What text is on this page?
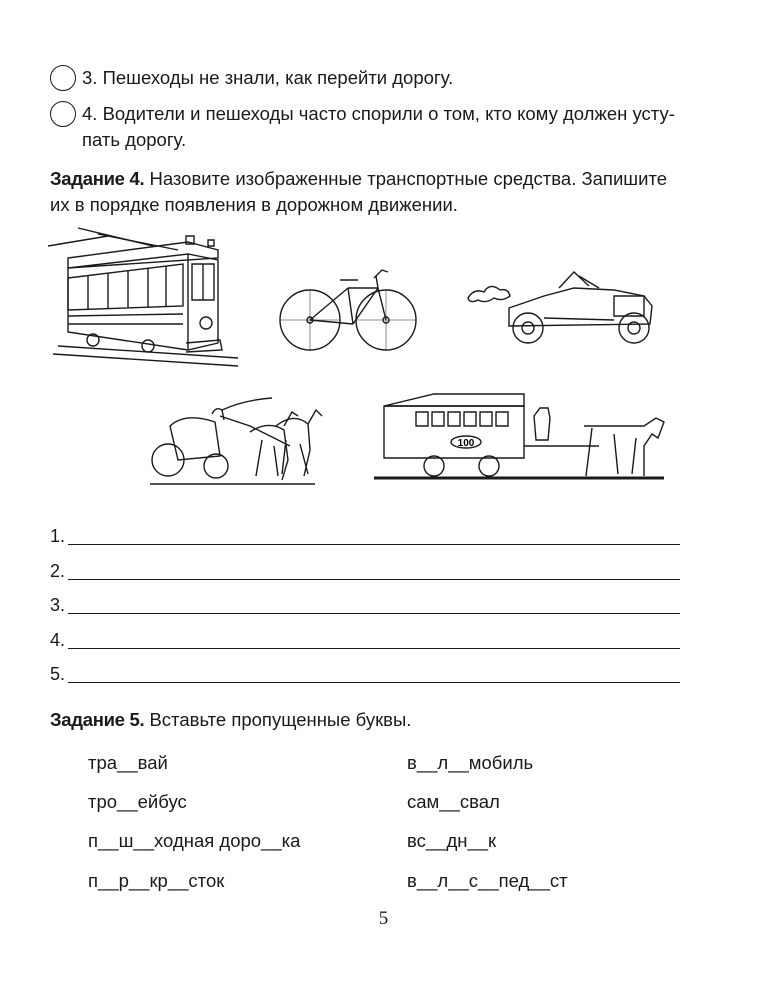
3. Пешеходы не знали, как перейти дорогу.
4. Водители и пешеходы часто спорили о том, кто кому должен усту-
пать дорогу.
Задание 4. Назовите изображенные транспортные средства. Запишите
их в порядке появления в дорожном движении.
100
1.
2.
3.
4.
5.
Задание 5. Вставьте пропущенные буквы.
тра__вай
тро__ейбус
п__ш__ходная доро__ка
п__р__кр__сток
в__л__мобиль
сам__свал
вс__дн__к
в__л__с__пед__ст
5
